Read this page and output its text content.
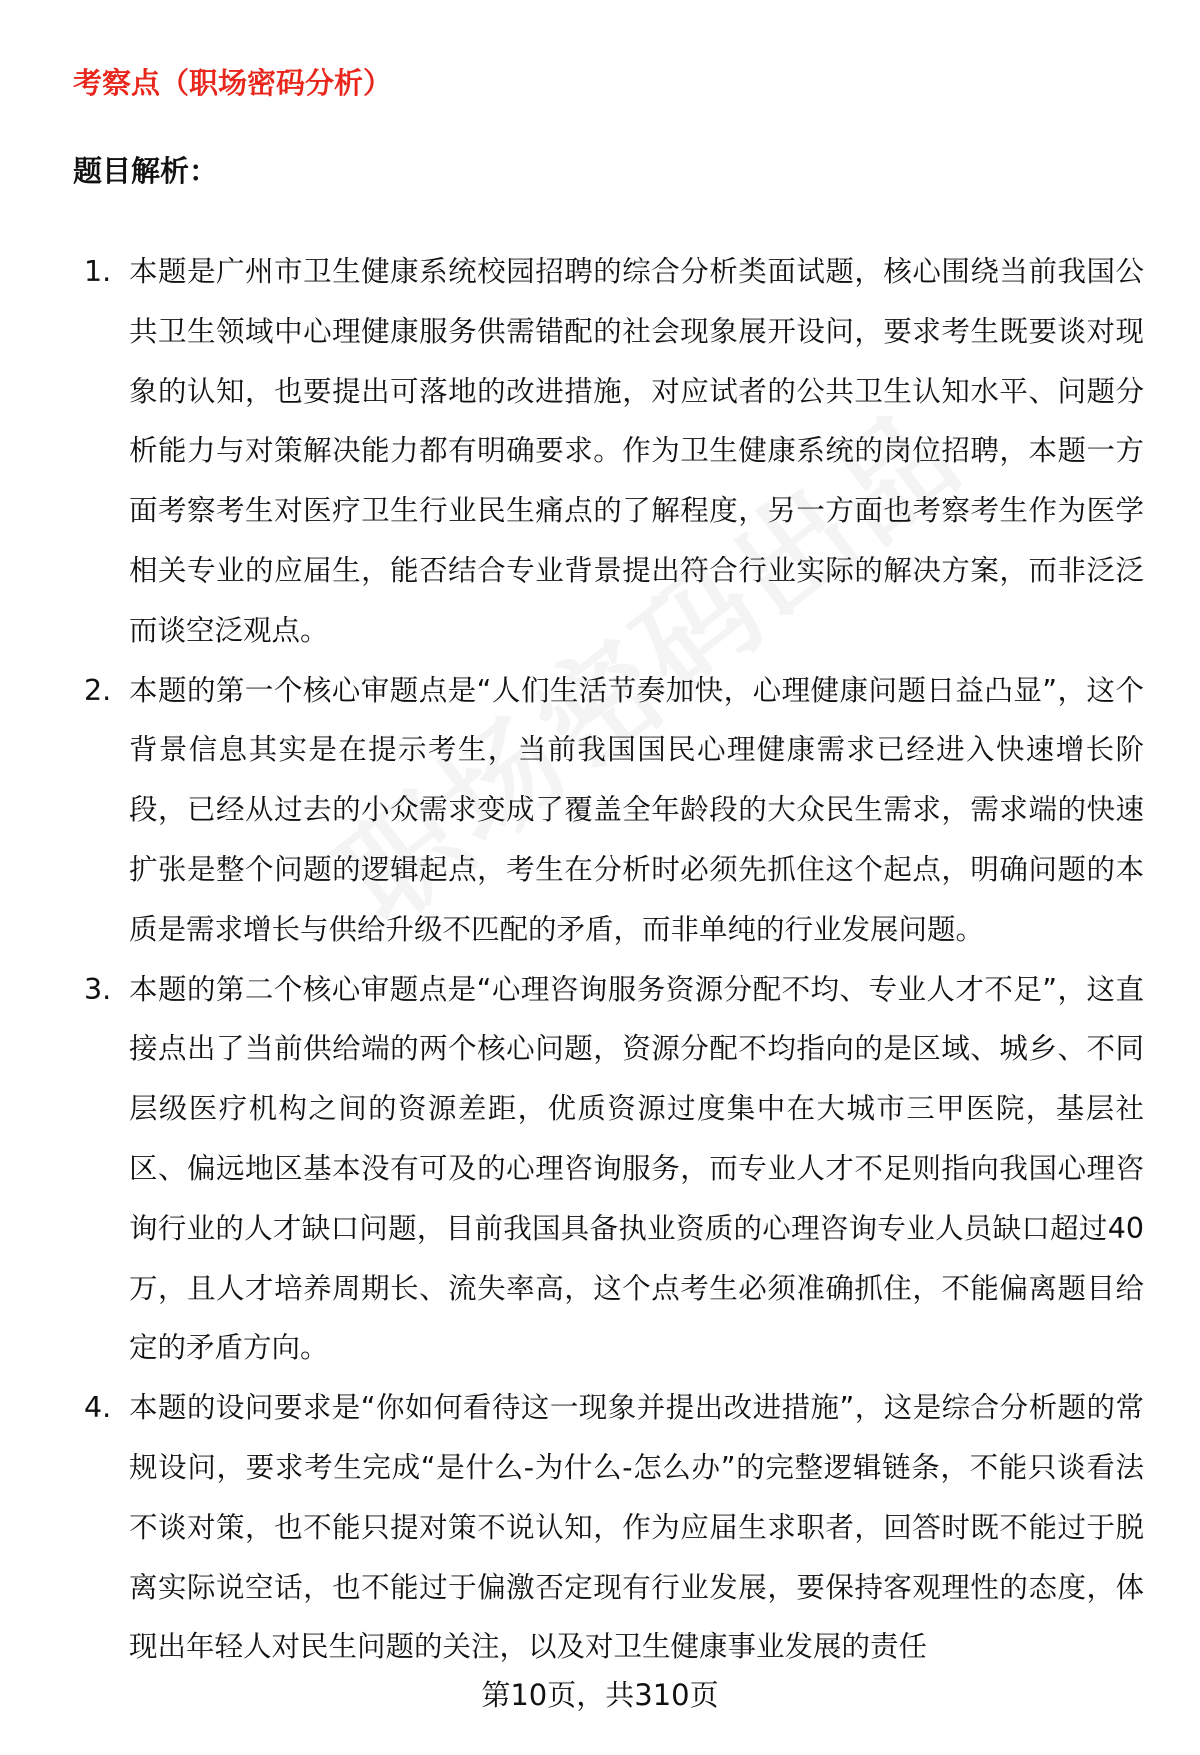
考察点（职场密码分析）
题目解析：
1. 本题是广州市卫生健康系统校园招聘的综合分析类面试题，核心围绕当前我国公共卫生领域中心理健康服务供需错配的社会现象展开设问，要求考生既要谈对现象的认知，也要提出可落地的改进措施，对应试者的公共卫生认知水平、问题分析能力与对策解决能力都有明确要求。作为卫生健康系统的岗位招聘，本题一方面考察考生对医疗卫生行业民生痛点的了解程度，另一方面也考察考生作为医学相关专业的应届生，能否结合专业背景提出符合行业实际的解决方案，而非泛泛而谈空泛观点。
2. 本题的第一个核心审题点是“人们生活节奏加快，心理健康问题日益凸显”，这个背景信息其实是在提示考生，当前我国国民心理健康需求已经进入快速增长阶段，已经从过去的小众需求变成了覆盖全年龄段的大众民生需求，需求端的快速扩张是整个问题的逻辑起点，考生在分析时必须先抓住这个起点，明确问题的本质是需求增长与供给升级不匹配的矛盾，而非单纯的行业发展问题。
3. 本题的第二个核心审题点是“心理咨询服务资源分配不均、专业人才不足”，这直接点出了当前供给端的两个核心问题，资源分配不均指向的是区域、城乡、不同层级医疗机构之间的资源差距，优质资源过度集中在大城市三甲医院，基层社区、偏远地区基本没有可及的心理咨询服务，而专业人才不足则指向我国心理咨询行业的人才缺口问题，目前我国具备执业资质的心理咨询专业人员缺口超过40万，且人才培养周期长、流失率高，这个点考生必须准确抓住，不能偏离题目给定的矛盾方向。
4. 本题的设问要求是“你如何看待这一现象并提出改进措施”，这是综合分析题的常规设问，要求考生完成“是什么-为什么-怎么办”的完整逻辑链条，不能只谈看法不谈对策，也不能只提对策不说认知，作为应届生求职者，回答时既不能过于脱离实际说空话，也不能过于偏激否定现有行业发展，要保持客观理性的态度，体现出年轻人对民生问题的关注，以及对卫生健康事业发展的责任
第10页，共310页
